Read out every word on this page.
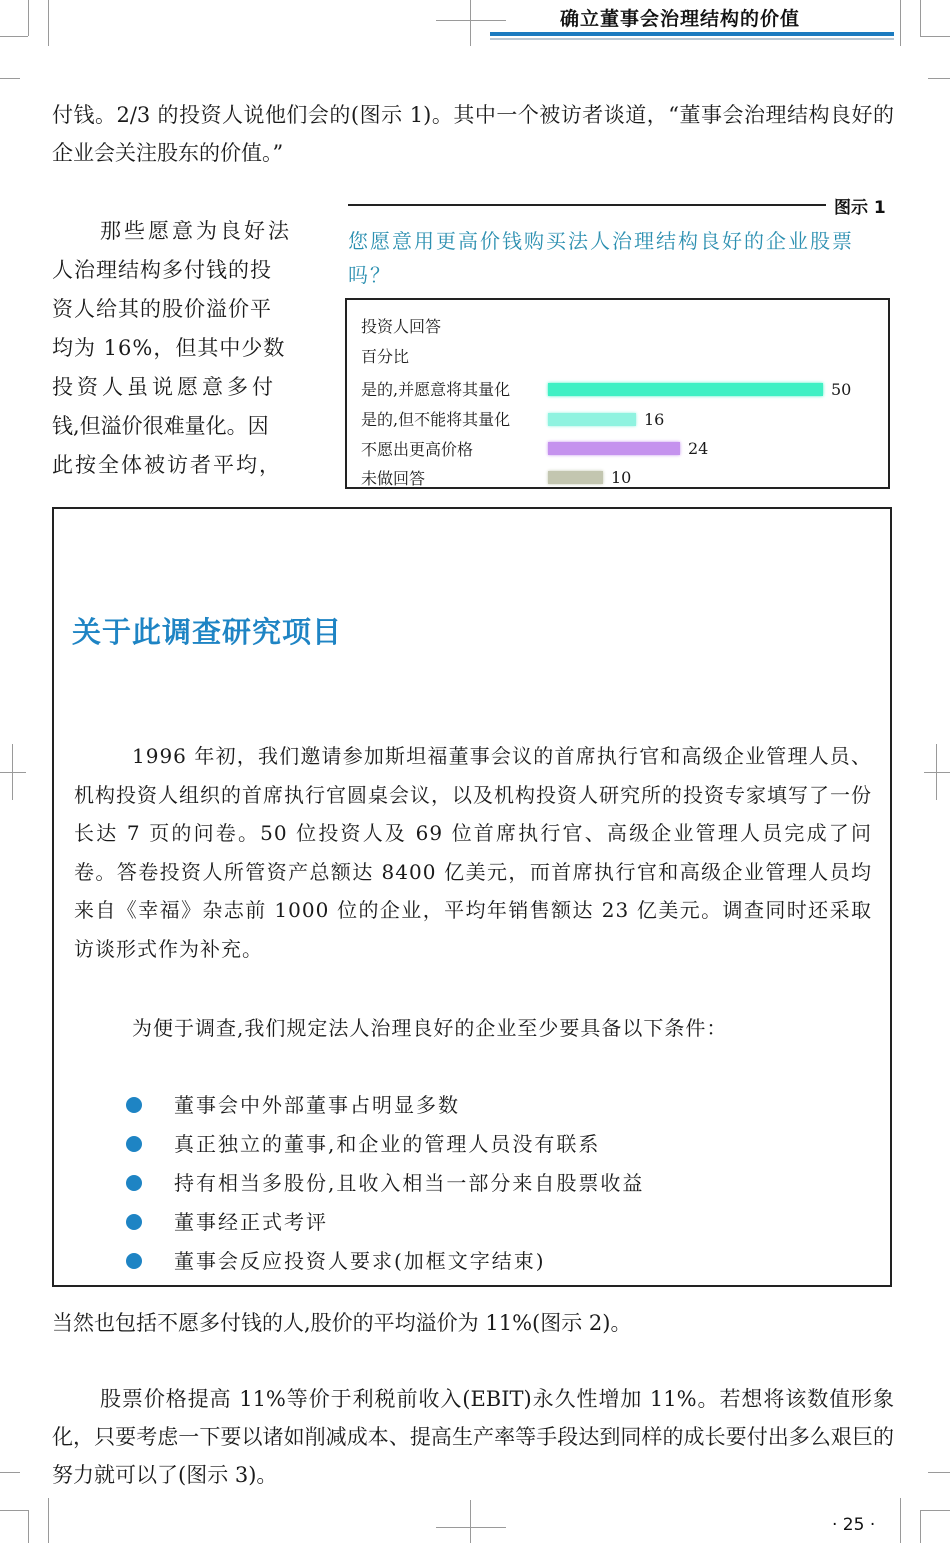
确立董事会治理结构的价值

付钱。2/3 的投资人说他们会的(图示 1)。其中一个被访者谈道，“董事会治理结构良好的企业会关注股东的价值。”

那些愿意为良好法
人治理结构多付钱的投
资人给其的股价溢价平
均为 16%，但其中少数
投资人虽说愿意多付
钱,但溢价很难量化。因
此按全体被访者平均，
图示 1

您愿意用更高价钱购买法人治理结构良好的企业股票吗？

投资人回答
百分比
是的,并愿意将其量化	50
是的,但不能将其量化	16
不愿出更高价格	24
未做回答	10
关于此调查研究项目

1996 年初，我们邀请参加斯坦福董事会议的首席执行官和高级企业管理人员、机构投资人组织的首席执行官圆桌会议，以及机构投资人研究所的投资专家填写了一份长达 7 页的问卷。50 位投资人及 69 位首席执行官、高级企业管理人员完成了问卷。答卷投资人所管资产总额达 8400 亿美元，而首席执行官和高级企业管理人员均来自《幸福》杂志前 1000 位的企业，平均年销售额达 23 亿美元。调查同时还采取访谈形式作为补充。

为便于调查,我们规定法人治理良好的企业至少要具备以下条件：

董事会中外部董事占明显多数
真正独立的董事,和企业的管理人员没有联系
持有相当多股份,且收入相当一部分来自股票收益
董事经正式考评
董事会反应投资人要求(加框文字结束)

当然也包括不愿多付钱的人,股价的平均溢价为 11%(图示 2)。

股票价格提高 11%等价于利税前收入(EBIT)永久性增加 11%。若想将该数值形象化，只要考虑一下要以诸如削减成本、提高生产率等手段达到同样的成长要付出多么艰巨的努力就可以了(图示 3)。

· 25 ·
